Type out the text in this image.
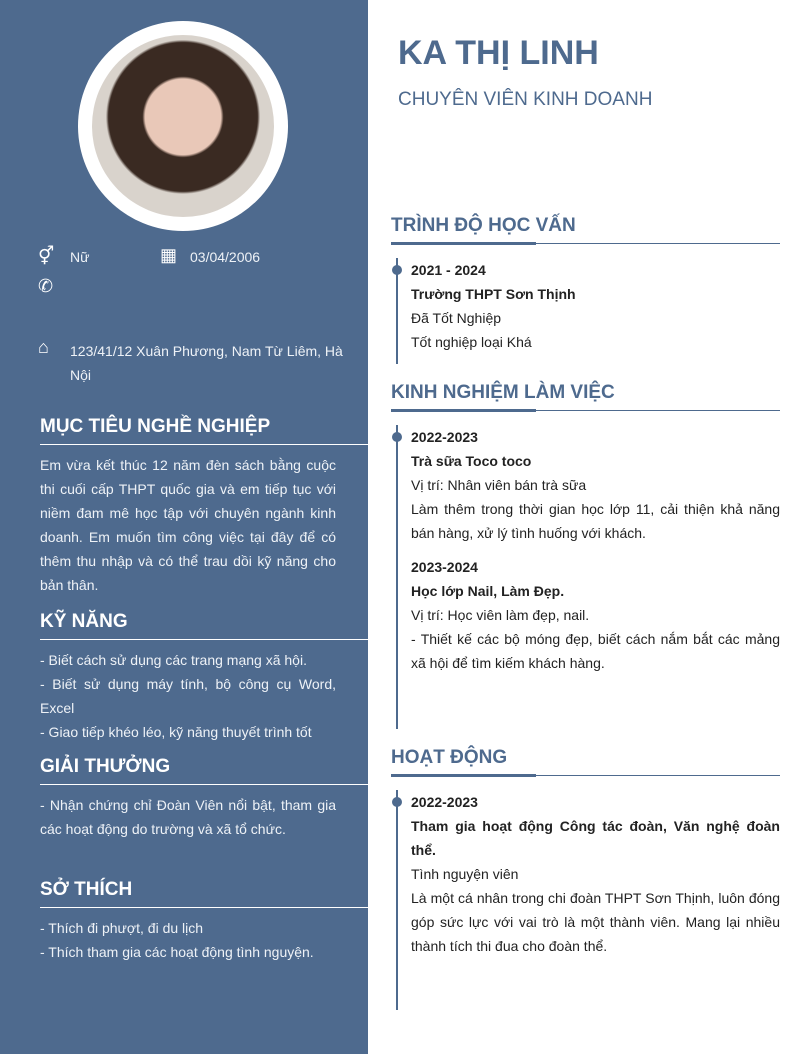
⚥ Nữ	▦ 03/04/2006
✆
⌂ 123/41/12 Xuân Phương, Nam Từ Liêm, Hà Nội
MỤC TIÊU NGHỀ NGHIỆP
Em vừa kết thúc 12 năm đèn sách bằng cuộc thi cuối cấp THPT quốc gia và em tiếp tục với niềm đam mê học tập với chuyên ngành kinh doanh. Em muốn tìm công việc tại đây để có thêm thu nhập và có thể trau dồi kỹ năng cho bản thân.
KỸ NĂNG
- Biết cách sử dụng các trang mạng xã hội.
- Biết sử dụng máy tính, bộ công cụ Word, Excel
- Giao tiếp khéo léo, kỹ năng thuyết trình tốt
GIẢI THƯỞNG
- Nhận chứng chỉ Đoàn Viên nổi bật, tham gia các hoạt động do trường và xã tổ chức.
SỞ THÍCH
- Thích đi phượt, đi du lịch
- Thích tham gia các hoạt động tình nguyện.
KA THỊ LINH
CHUYÊN VIÊN KINH DOANH
TRÌNH ĐỘ HỌC VẤN
2021 - 2024
Trường THPT Sơn Thịnh
Đã Tốt Nghiệp
Tốt nghiệp loại Khá
KINH NGHIỆM LÀM VIỆC
2022-2023
Trà sữa Toco toco
Vị trí: Nhân viên bán trà sữa
Làm thêm trong thời gian học lớp 11, cải thiện khả năng bán hàng, xử lý tình huống với khách.
2023-2024
Học lớp Nail, Làm Đẹp.
Vị trí: Học viên làm đẹp, nail.
- Thiết kế các bộ móng đẹp, biết cách nắm bắt các mảng xã hội để tìm kiếm khách hàng.
HOẠT ĐỘNG
2022-2023
Tham gia hoạt động Công tác đoàn, Văn nghệ đoàn thể.
Tình nguyện viên
Là một cá nhân trong chi đoàn THPT Sơn Thịnh, luôn đóng góp sức lực với vai trò là một thành viên. Mang lại nhiều thành tích thi đua cho đoàn thể.
